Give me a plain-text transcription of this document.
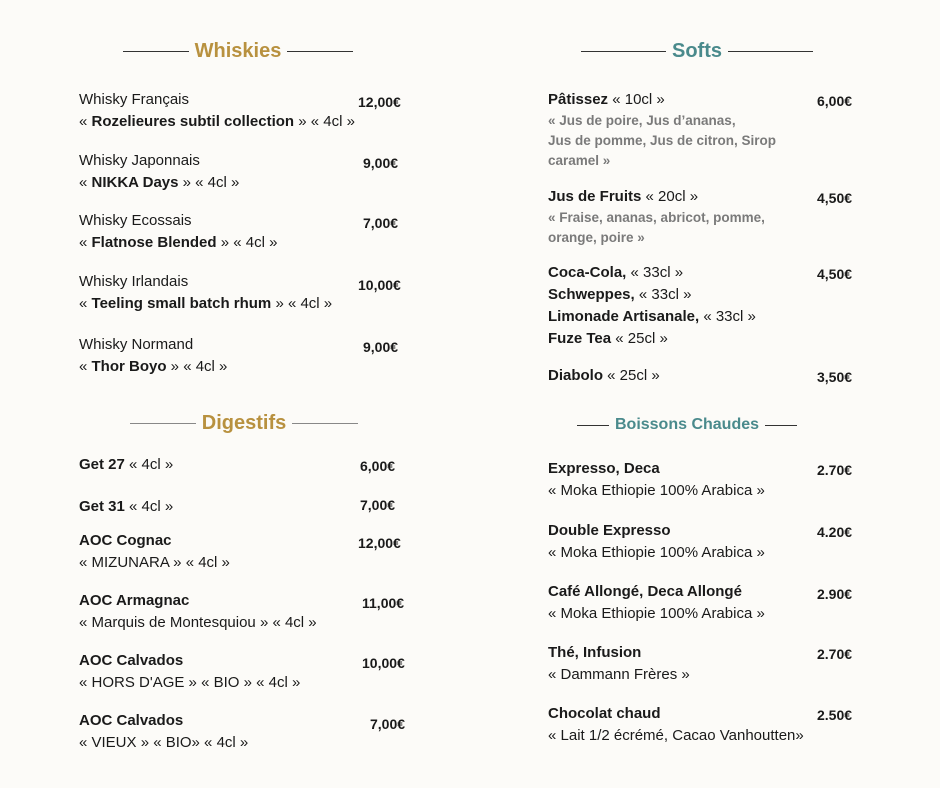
Whiskies
Whisky Français
« Rozelieures subtil collection » « 4cl »
12,00€
Whisky Japonnais
« NIKKA Days » « 4cl »
9,00€
Whisky Ecossais
« Flatnose Blended » « 4cl »
7,00€
Whisky Irlandais
« Teeling small batch rhum » « 4cl »
10,00€
Whisky Normand
« Thor Boyo » « 4cl »
9,00€
Digestifs
Get 27 « 4cl »	6,00€
Get 31 « 4cl »	7,00€
AOC Cognac
« MIZUNARA » « 4cl »
12,00€
AOC Armagnac
« Marquis de Montesquiou » « 4cl »
11,00€
AOC Calvados
« HORS D'AGE » « BIO » « 4cl »
10,00€
AOC Calvados
« VIEUX » « BIO» « 4cl »
7,00€
Softs
Pâtissez « 10cl »
« Jus de poire, Jus d’ananas,
Jus de pomme, Jus de citron, Sirop
caramel »
6,00€
Jus de Fruits « 20cl »
« Fraise, ananas, abricot, pomme,
orange, poire »
4,50€
Coca-Cola, « 33cl »
Schweppes, « 33cl »
Limonade Artisanale, « 33cl »
Fuze Tea « 25cl »
4,50€
Diabolo « 25cl »	3,50€
Boissons Chaudes
Expresso, Deca
« Moka Ethiopie 100% Arabica »
2.70€
Double Expresso
« Moka Ethiopie 100% Arabica »
4.20€
Café Allongé, Deca Allongé
« Moka Ethiopie 100% Arabica »
2.90€
Thé, Infusion
« Dammann Frères »
2.70€
Chocolat chaud
« Lait 1/2 écrémé, Cacao Vanhoutten»
2.50€
